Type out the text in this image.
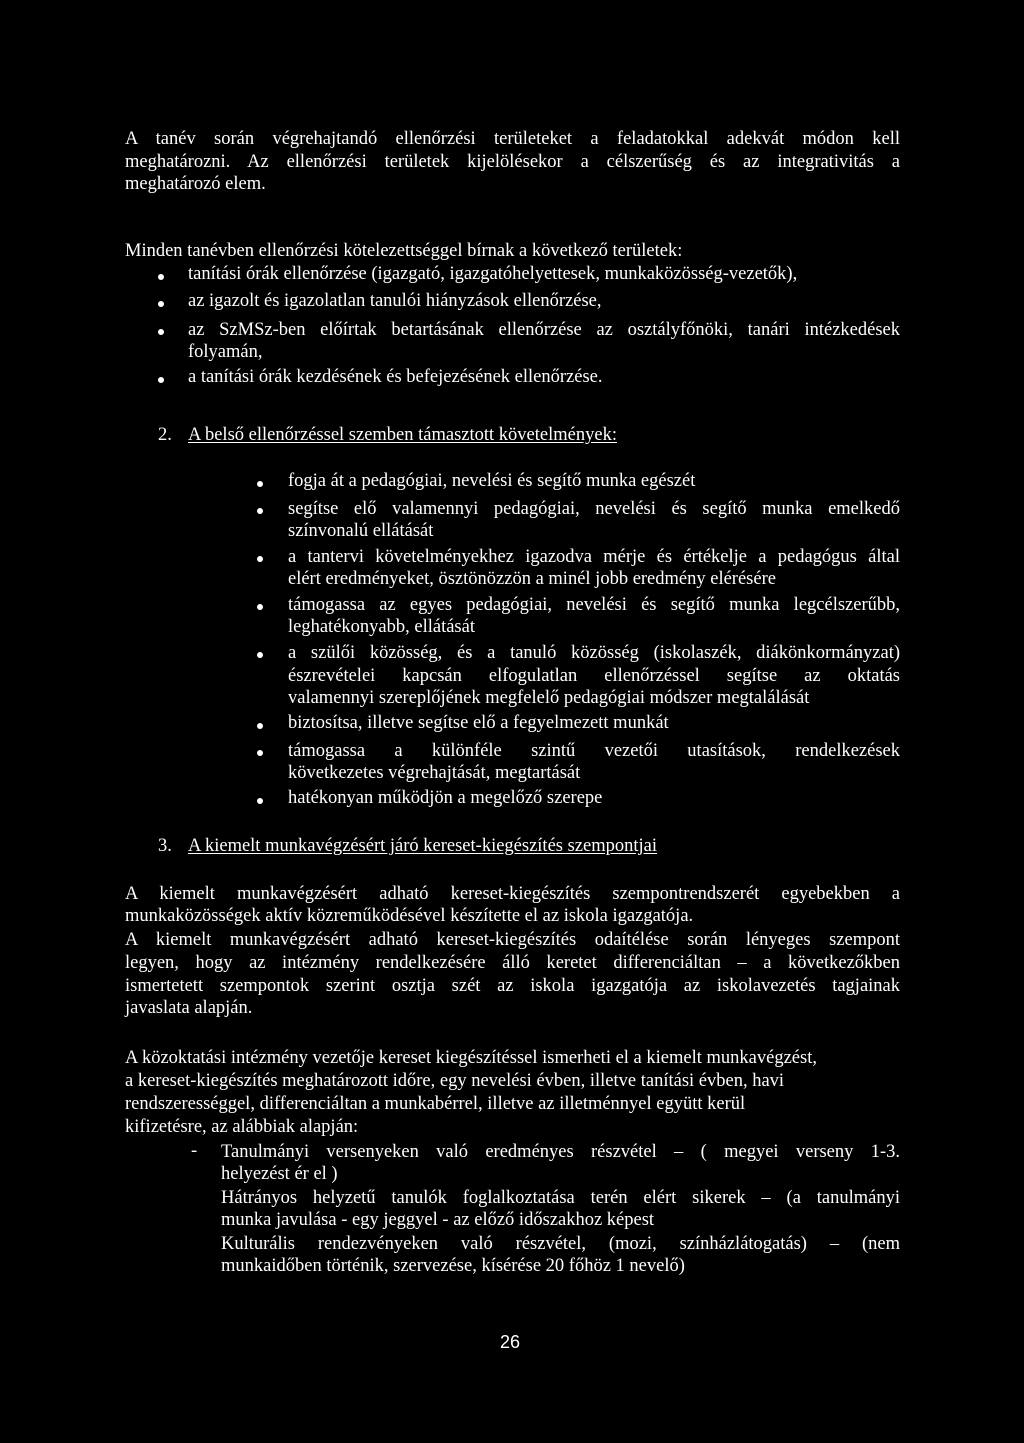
A tanév során végrehajtandó ellenőrzési területeket a feladatokkal adekvát módon kell
meghatározni. Az ellenőrzési területek kijelölésekor a célszerűség és az integrativitás a
meghatározó elem.
Minden tanévben ellenőrzési kötelezettséggel bírnak a következő területek:
tanítási órák ellenőrzése (igazgató, igazgatóhelyettesek, munkaközösség-vezetők),
az igazolt és igazolatlan tanulói hiányzások ellenőrzése,
az SzMSz-ben előírtak betartásának ellenőrzése az osztályfőnöki, tanári intézkedések
folyamán,
a tanítási órák kezdésének és befejezésének ellenőrzése.
2. A belső ellenőrzéssel szemben támasztott követelmények:
fogja át a pedagógiai, nevelési és segítő munka egészét
segítse elő valamennyi pedagógiai, nevelési és segítő munka emelkedő
színvonalú ellátását
a tantervi követelményekhez igazodva mérje és értékelje a pedagógus által
elért eredményeket, ösztönözzön a minél jobb eredmény elérésére
támogassa az egyes pedagógiai, nevelési és segítő munka legcélszerűbb,
leghatékonyabb, ellátását
a szülői közösség, és a tanuló közösség (iskolaszék, diákönkormányzat)
észrevételei kapcsán elfogulatlan ellenőrzéssel segítse az oktatás
valamennyi szereplőjének megfelelő pedagógiai módszer megtalálását
biztosítsa, illetve segítse elő a fegyelmezett munkát
támogassa a különféle szintű vezetői utasítások, rendelkezések
következetes végrehajtását, megtartását
hatékonyan működjön a megelőző szerepe
3. A kiemelt munkavégzésért járó kereset-kiegészítés szempontjai
A kiemelt munkavégzésért adható kereset-kiegészítés szempontrendszerét egyebekben a
munkaközösségek aktív közreműködésével készítette el az iskola igazgatója.
A kiemelt munkavégzésért adható kereset-kiegészítés odaítélése során lényeges szempont
legyen, hogy az intézmény rendelkezésére álló keretet differenciáltan – a következőkben
ismertetett szempontok szerint osztja szét az iskola igazgatója az iskolavezetés tagjainak
javaslata alapján.
A közoktatási intézmény vezetője kereset kiegészítéssel ismerheti el a kiemelt munkavégzést,
a kereset-kiegészítés meghatározott időre, egy nevelési évben, illetve tanítási évben, havi
rendszerességgel, differenciáltan a munkabérrel, illetve az illetménnyel együtt kerül
kifizetésre, az alábbiak alapján:
- Tanulmányi versenyeken való eredményes részvétel – ( megyei verseny 1-3.
helyezést ér el )
Hátrányos helyzetű tanulók foglalkoztatása terén elért sikerek – (a tanulmányi
munka javulása - egy jeggyel - az előző időszakhoz képest
Kulturális rendezvényeken való részvétel, (mozi, színházlátogatás) – (nem
munkaidőben történik, szervezése, kísérése 20 főhöz 1 nevelő)
26
